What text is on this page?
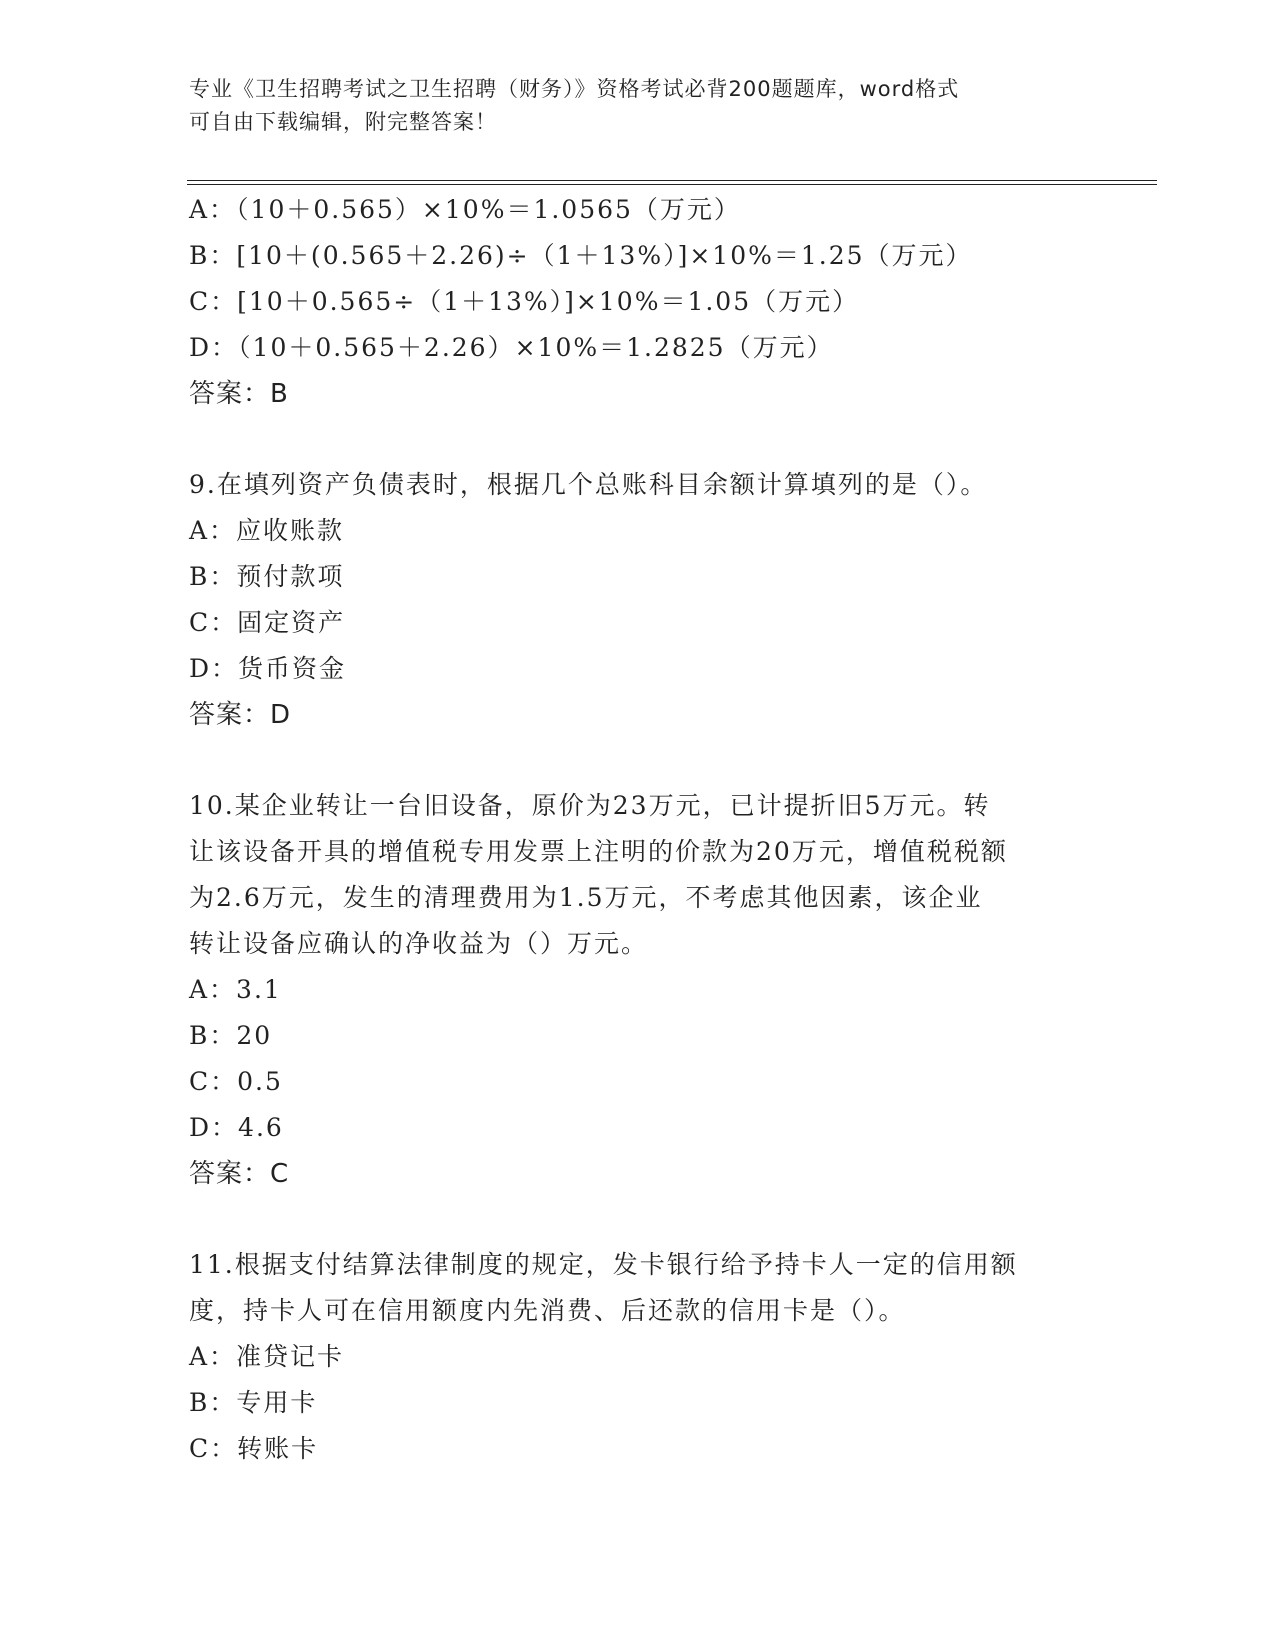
专业《卫生招聘考试之卫生招聘（财务）》资格考试必背200题题库，word格式
可自由下载编辑，附完整答案！
A：（10＋0.565）×10%＝1.0565（万元）
B：[10＋(0.565＋2.26)÷（1＋13%）]×10%＝1.25（万元）
C：[10＋0.565÷（1＋13%）]×10%＝1.05（万元）
D：（10＋0.565＋2.26）×10%＝1.2825（万元）
答案：B
9.在填列资产负债表时，根据几个总账科目余额计算填列的是（）。
A：应收账款
B：预付款项
C：固定资产
D：货币资金
答案：D
10.某企业转让一台旧设备，原价为23万元，已计提折旧5万元。转
让该设备开具的增值税专用发票上注明的价款为20万元，增值税税额
为2.6万元，发生的清理费用为1.5万元，不考虑其他因素，该企业
转让设备应确认的净收益为（）万元。
A：3.1
B：20
C：0.5
D：4.6
答案：C
11.根据支付结算法律制度的规定，发卡银行给予持卡人一定的信用额
度，持卡人可在信用额度内先消费、后还款的信用卡是（）。
A：准贷记卡
B：专用卡
C：转账卡
